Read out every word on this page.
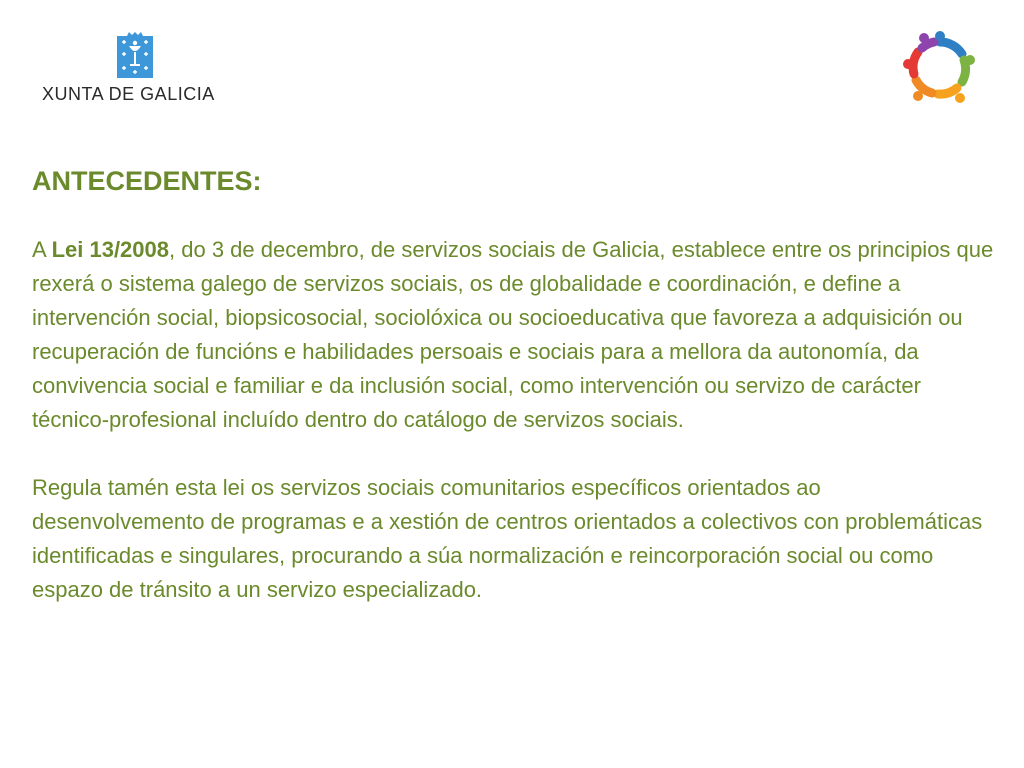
XUNTA DE GALICIA
ANTECEDENTES:

A Lei 13/2008, do 3 de decembro, de servizos sociais de Galicia, establece entre os principios que rexerá o sistema galego de servizos sociais, os de globalidade e coordinación, e define a intervención social, biopsicosocial, sociolóxica ou socioeducativa que favoreza a adquisición ou recuperación de funcións e habilidades persoais e sociais para a mellora da autonomía, da convivencia social e familiar e da inclusión social, como intervención ou servizo de carácter técnico-profesional incluído dentro do catálogo de servizos sociais.

Regula tamén esta lei os servizos sociais comunitarios específicos orientados ao desenvolvemento de programas e a xestión de centros orientados a colectivos con problemáticas identificadas e singulares, procurando a súa normalización e reincorporación social ou como espazo de tránsito a un servizo especializado.
